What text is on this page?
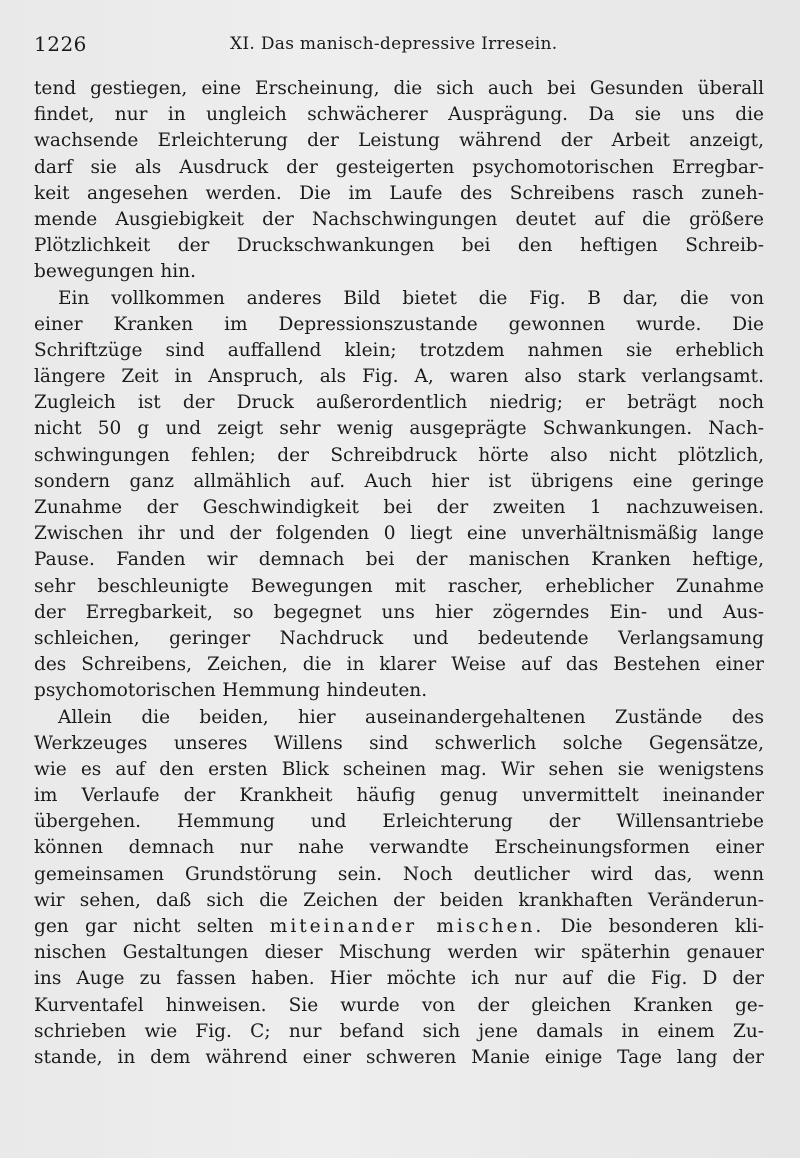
1226	XI. Das manisch-depressive Irresein.
tend gestiegen, eine Erscheinung, die sich auch bei Gesunden überall
findet, nur in ungleich schwächerer Ausprägung. Da sie uns die
wachsende Erleichterung der Leistung während der Arbeit anzeigt,
darf sie als Ausdruck der gesteigerten psychomotorischen Erregbar-
keit angesehen werden. Die im Laufe des Schreibens rasch zuneh-
mende Ausgiebigkeit der Nachschwingungen deutet auf die größere
Plötzlichkeit der Druckschwankungen bei den heftigen Schreib-
bewegungen hin.
Ein vollkommen anderes Bild bietet die Fig. B dar, die von
einer Kranken im Depressionszustande gewonnen wurde. Die
Schriftzüge sind auffallend klein; trotzdem nahmen sie erheblich
längere Zeit in Anspruch, als Fig. A, waren also stark verlangsamt.
Zugleich ist der Druck außerordentlich niedrig; er beträgt noch
nicht 50 g und zeigt sehr wenig ausgeprägte Schwankungen. Nach-
schwingungen fehlen; der Schreibdruck hörte also nicht plötzlich,
sondern ganz allmählich auf. Auch hier ist übrigens eine geringe
Zunahme der Geschwindigkeit bei der zweiten 1 nachzuweisen.
Zwischen ihr und der folgenden 0 liegt eine unverhältnismäßig lange
Pause. Fanden wir demnach bei der manischen Kranken heftige,
sehr beschleunigte Bewegungen mit rascher, erheblicher Zunahme
der Erregbarkeit, so begegnet uns hier zögerndes Ein- und Aus-
schleichen, geringer Nachdruck und bedeutende Verlangsamung
des Schreibens, Zeichen, die in klarer Weise auf das Bestehen einer
psychomotorischen Hemmung hindeuten.
Allein die beiden, hier auseinandergehaltenen Zustände des
Werkzeuges unseres Willens sind schwerlich solche Gegensätze,
wie es auf den ersten Blick scheinen mag. Wir sehen sie wenigstens
im Verlaufe der Krankheit häufig genug unvermittelt ineinander
übergehen. Hemmung und Erleichterung der Willensantriebe
können demnach nur nahe verwandte Erscheinungsformen einer
gemeinsamen Grundstörung sein. Noch deutlicher wird das, wenn
wir sehen, daß sich die Zeichen der beiden krankhaften Veränderun-
gen gar nicht selten miteinander mischen. Die besonderen kli-
nischen Gestaltungen dieser Mischung werden wir späterhin genauer
ins Auge zu fassen haben. Hier möchte ich nur auf die Fig. D der
Kurventafel hinweisen. Sie wurde von der gleichen Kranken ge-
schrieben wie Fig. C; nur befand sich jene damals in einem Zu-
stande, in dem während einer schweren Manie einige Tage lang der
